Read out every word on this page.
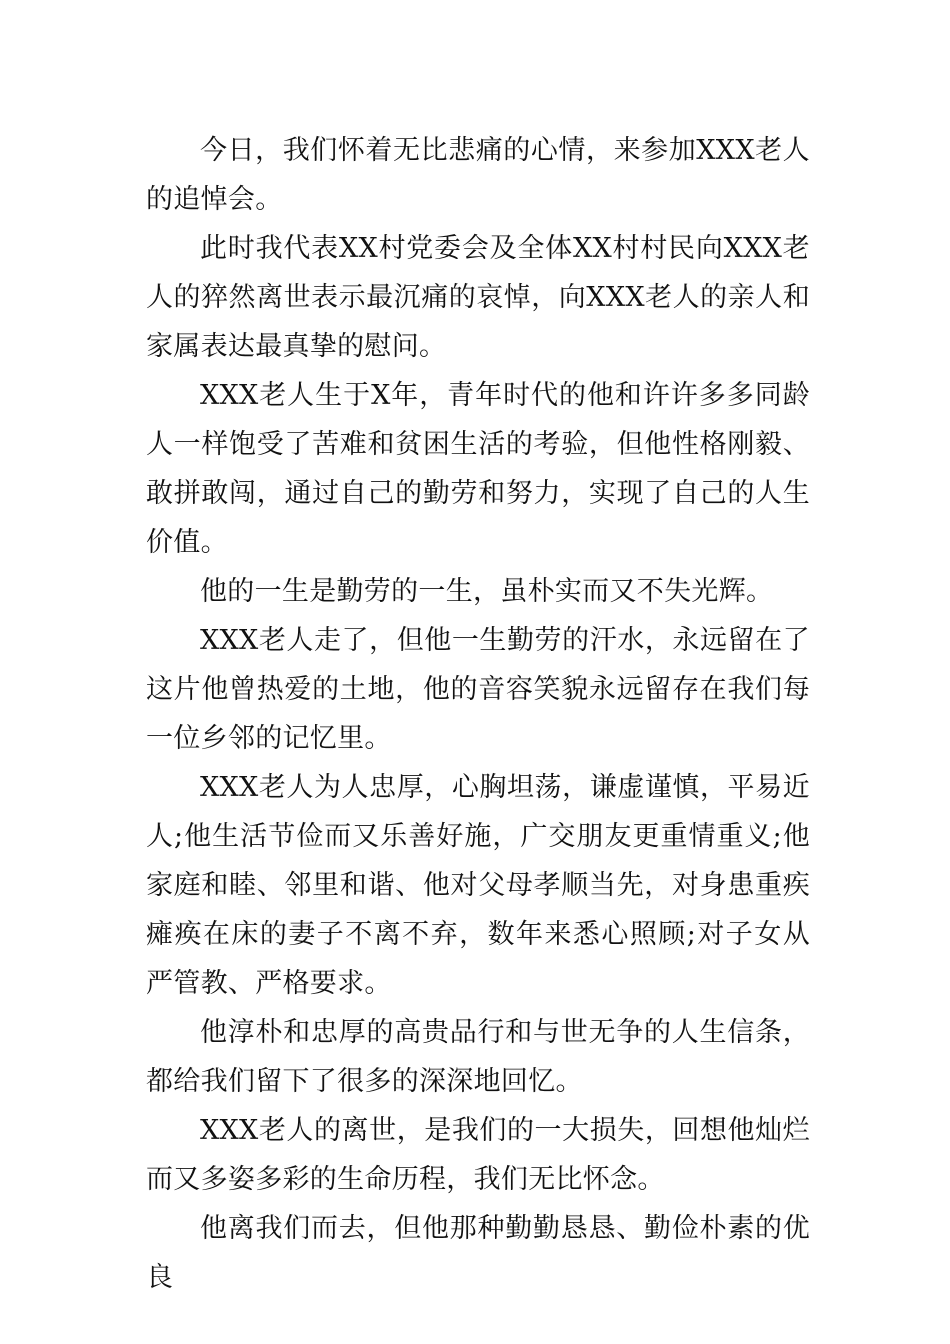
今日，我们怀着无比悲痛的心情，来参加XXX老人的追悼会。

此时我代表XX村党委会及全体XX村村民向XXX老人的猝然离世表示最沉痛的哀悼，向XXX老人的亲人和家属表达最真挚的慰问。

XXX老人生于X年，青年时代的他和许许多多同龄人一样饱受了苦难和贫困生活的考验，但他性格刚毅、敢拼敢闯，通过自己的勤劳和努力，实现了自己的人生价值。

他的一生是勤劳的一生，虽朴实而又不失光辉。

XXX老人走了，但他一生勤劳的汗水，永远留在了这片他曾热爱的土地，他的音容笑貌永远留存在我们每一位乡邻的记忆里。

XXX老人为人忠厚，心胸坦荡，谦虚谨慎，平易近人;他生活节俭而又乐善好施，广交朋友更重情重义;他家庭和睦、邻里和谐、他对父母孝顺当先，对身患重疾瘫痪在床的妻子不离不弃，数年来悉心照顾;对子女从严管教、严格要求。

他淳朴和忠厚的高贵品行和与世无争的人生信条，都给我们留下了很多的深深地回忆。

XXX老人的离世，是我们的一大损失，回想他灿烂而又多姿多彩的生命历程，我们无比怀念。

他离我们而去，但他那种勤勤恳恳、勤俭朴素的优良
